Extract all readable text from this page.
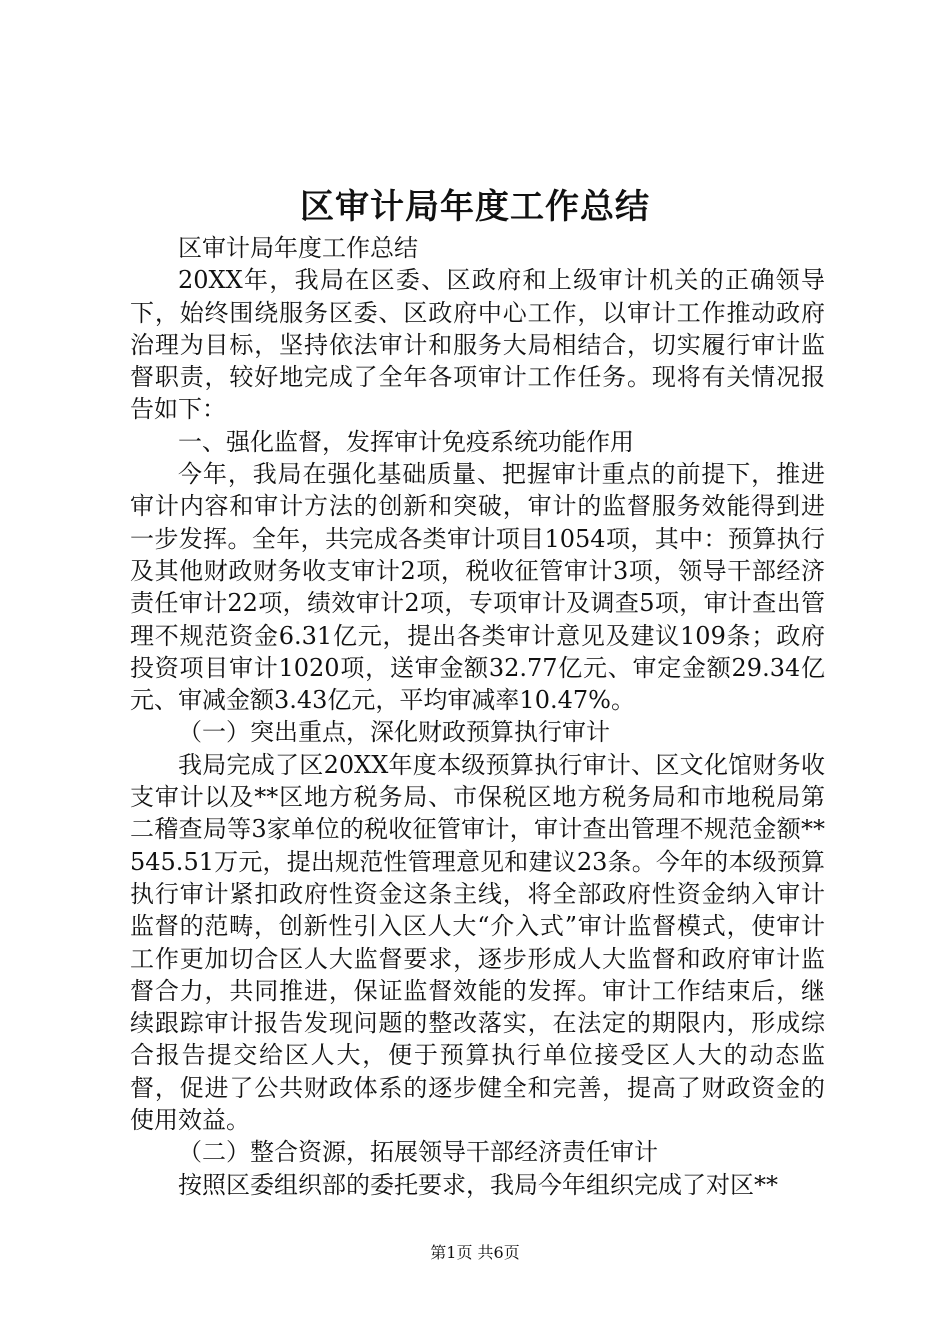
区审计局年度工作总结

区审计局年度工作总结

20XX年，我局在区委、区政府和上级审计机关的正确领导下，始终围绕服务区委、区政府中心工作，以审计工作推动政府治理为目标，坚持依法审计和服务大局相结合，切实履行审计监督职责，较好地完成了全年各项审计工作任务。现将有关情况报告如下：

一、强化监督，发挥审计免疫系统功能作用

今年，我局在强化基础质量、把握审计重点的前提下，推进审计内容和审计方法的创新和突破，审计的监督服务效能得到进一步发挥。全年，共完成各类审计项目1054项，其中：预算执行及其他财政财务收支审计2项，税收征管审计3项，领导干部经济责任审计22项，绩效审计2项，专项审计及调查5项，审计查出管理不规范资金6.31亿元，提出各类审计意见及建议109条；政府投资项目审计1020项，送审金额32.77亿元、审定金额29.34亿元、审减金额3.43亿元，平均审减率10.47%。

（一）突出重点，深化财政预算执行审计

我局完成了区20XX年度本级预算执行审计、区文化馆财务收支审计以及**区地方税务局、市保税区地方税务局和市地税局第二稽查局等3家单位的税收征管审计，审计查出管理不规范金额**545.51万元，提出规范性管理意见和建议23条。今年的本级预算执行审计紧扣政府性资金这条主线，将全部政府性资金纳入审计监督的范畴，创新性引入区人大“介入式”审计监督模式，使审计工作更加切合区人大监督要求，逐步形成人大监督和政府审计监督合力，共同推进，保证监督效能的发挥。审计工作结束后，继续跟踪审计报告发现问题的整改落实，在法定的期限内，形成综合报告提交给区人大，便于预算执行单位接受区人大的动态监督，促进了公共财政体系的逐步健全和完善，提高了财政资金的使用效益。

（二）整合资源，拓展领导干部经济责任审计

按照区委组织部的委托要求，我局今年组织完成了对区**

第1页 共6页
